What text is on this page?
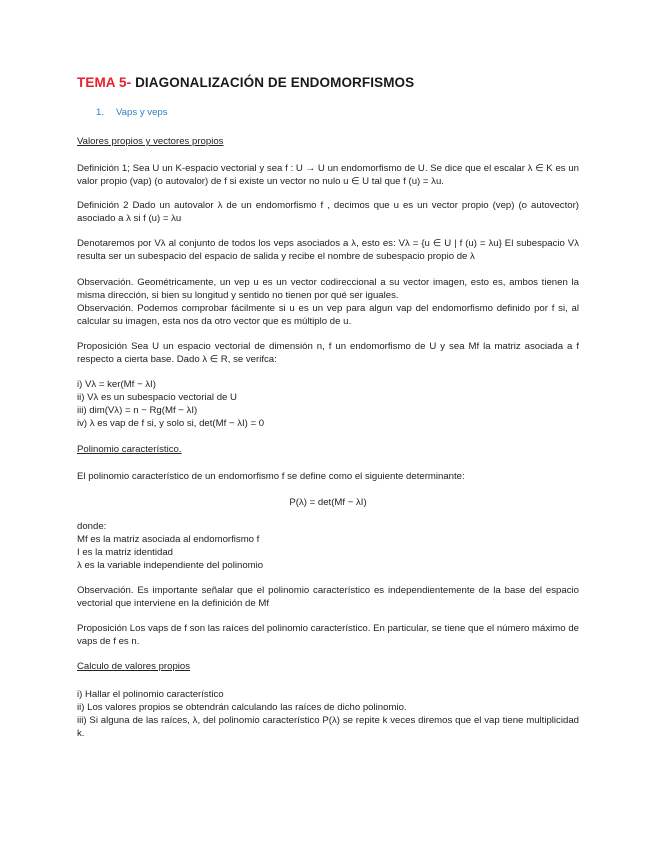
TEMA 5- DIAGONALIZACIÓN DE ENDOMORFISMOS
1. Vaps y veps
Valores propios y vectores propios
Definición 1; Sea U un K-espacio vectorial y sea f : U → U un endomorfismo de U. Se dice que el escalar λ ∈ K es un valor propio (vap) (o autovalor) de f si existe un vector no nulo u ∈ U tal que f (u) = λu.
Definición 2 Dado un autovalor λ de un endomorfismo f , decimos que u es un vector propio (vep) (o autovector) asociado a λ si f (u) = λu
Denotaremos por Vλ al conjunto de todos los veps asociados a λ, esto es: Vλ = {u ∈ U | f (u) = λu} El subespacio Vλ resulta ser un subespacio del espacio de salida y recibe el nombre de subespacio propio de λ
Observación. Geométricamente, un vep u es un vector codireccional a su vector imagen, esto es, ambos tienen la misma dirección, si bien su longitud y sentido no tienen por qué ser iguales.
Observación. Podemos comprobar fácilmente si u es un vep para algun vap del endomorfismo definido por f si, al calcular su imagen, esta nos da otro vector que es múltiplo de u.
Proposición Sea U un espacio vectorial de dimensión n, f un endomorfismo de U y sea Mf la matriz asociada a f respecto a cierta base. Dado λ ∈ R, se verifca:
i) Vλ = ker(Mf − λI)
ii) Vλ es un subespacio vectorial de U
iii) dim(Vλ) = n − Rg(Mf − λI)
iv) λ es vap de f si, y solo si, det(Mf − λI) = 0
Polinomio característico.
El polinomio característico de un endomorfismo f se define como el siguiente determinante:
P(λ) = det(Mf − λI)
donde:
Mf es la matriz asociada al endomorfismo f
I es la matriz identidad
λ es la variable independiente del polinomio
Observación. Es importante señalar que el polinomio característico es independientemente de la base del espacio vectorial que interviene en la definición de Mf
Proposición Los vaps de f son las raíces del polinomio característico. En particular, se tiene que el número máximo de vaps de f es n.
Calculo de valores propios
i) Hallar el polinomio característico
ii) Los valores propios se obtendrán calculando las raíces de dicho polinomio.
iii) Si alguna de las raíces, λ, del polinomio característico P(λ) se repite k veces diremos que el vap tiene multiplicidad k.
